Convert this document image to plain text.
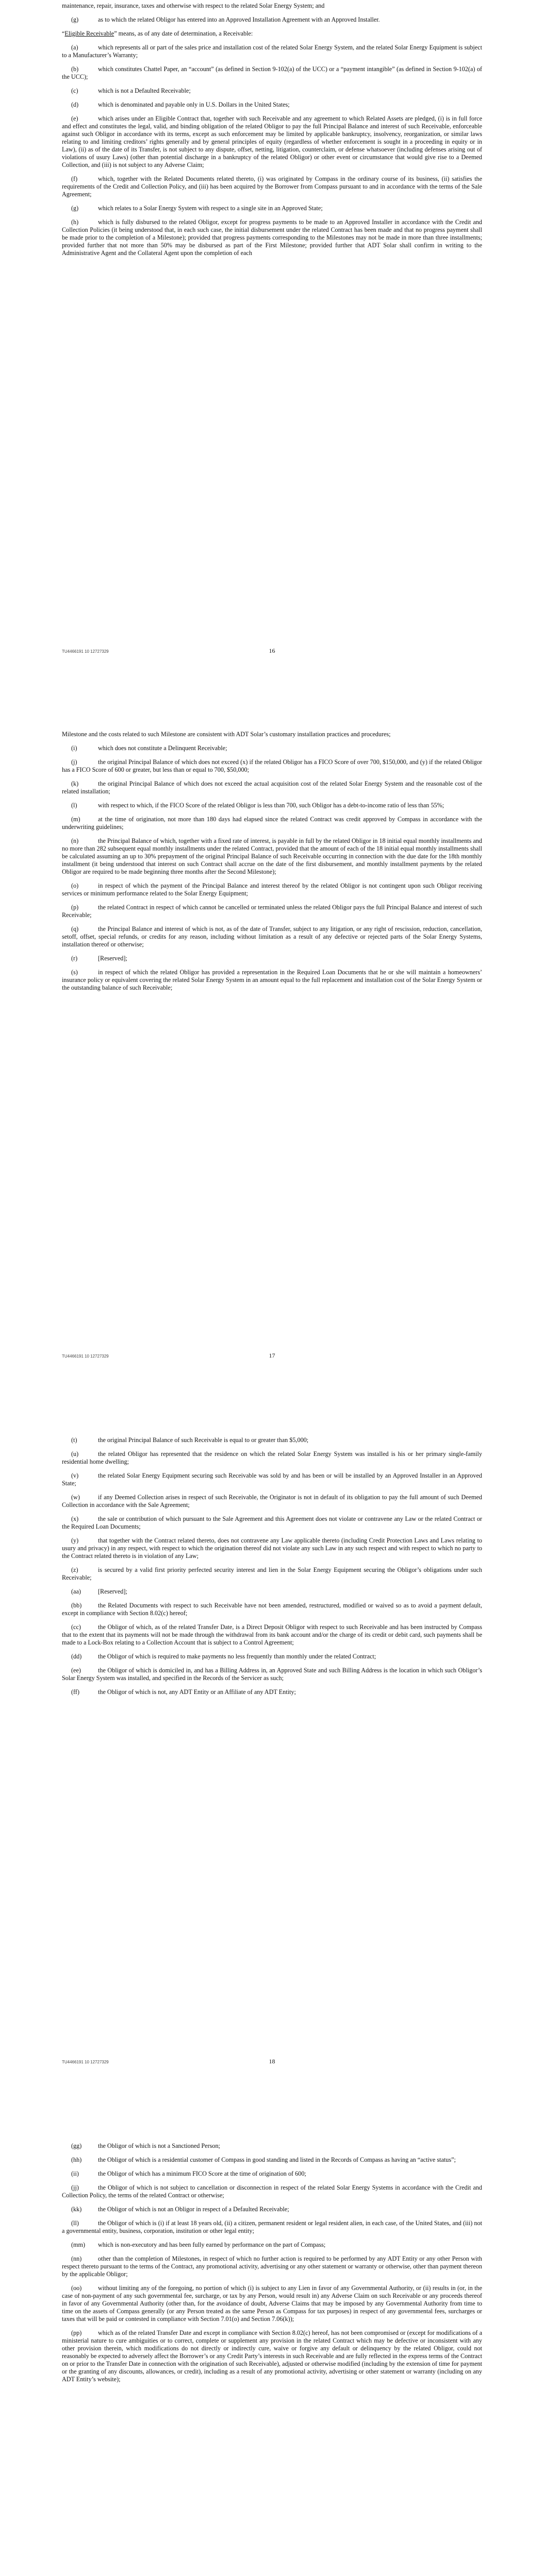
maintenance, repair, insurance, taxes and otherwise with respect to the related Solar Energy System; and

(g)	as to which the related Obligor has entered into an Approved Installation Agreement with an Approved Installer.

“Eligible Receivable” means, as of any date of determination, a Receivable:

(a)	which represents all or part of the sales price and installation cost of the related Solar Energy System, and the related Solar Energy Equipment is subject to a Manufacturer’s Warranty;

(b)	which constitutes Chattel Paper, an “account” (as defined in Section 9-102(a) of the UCC) or a “payment intangible” (as defined in Section 9-102(a) of the UCC);

(c)	which is not a Defaulted Receivable;

(d)	which is denominated and payable only in U.S. Dollars in the United States;

(e)	which arises under an Eligible Contract that, together with such Receivable and any agreement to which Related Assets are pledged, (i) is in full force and effect and constitutes the legal, valid, and binding obligation of the related Obligor to pay the full Principal Balance and interest of such Receivable, enforceable against such Obligor in accordance with its terms, except as such enforcement may be limited by applicable bankruptcy, insolvency, reorganization, or similar laws relating to and limiting creditors’ rights generally and by general principles of equity (regardless of whether enforcement is sought in a proceeding in equity or in Law), (ii) as of the date of its Transfer, is not subject to any dispute, offset, netting, litigation, counterclaim, or defense whatsoever (including defenses arising out of violations of usury Laws) (other than potential discharge in a bankruptcy of the related Obligor) or other event or circumstance that would give rise to a Deemed Collection, and (iii) is not subject to any Adverse Claim;

(f)	which, together with the Related Documents related thereto, (i) was originated by Compass in the ordinary course of its business, (ii) satisfies the requirements of the Credit and Collection Policy, and (iii) has been acquired by the Borrower from Compass pursuant to and in accordance with the terms of the Sale Agreement;

(g)	which relates to a Solar Energy System with respect to a single site in an Approved State;

(h)	which is fully disbursed to the related Obligor, except for progress payments to be made to an Approved Installer in accordance with the Credit and Collection Policies (it being understood that, in each such case, the initial disbursement under the related Contract has been made and that no progress payment shall be made prior to the completion of a Milestone); provided that progress payments corresponding to the Milestones may not be made in more than three installments; provided further that not more than 50% may be disbursed as part of the First Milestone; provided further that ADT Solar shall confirm in writing to the Administrative Agent and the Collateral Agent upon the completion of each

TU4466191 10 12727329	16

Milestone and the costs related to such Milestone are consistent with ADT Solar’s customary installation practices and procedures;

(i)	which does not constitute a Delinquent Receivable;

(j)	the original Principal Balance of which does not exceed (x) if the related Obligor has a FICO Score of over 700, $150,000, and (y) if the related Obligor has a FICO Score of 600 or greater, but less than or equal to 700, $50,000;

(k)	the original Principal Balance of which does not exceed the actual acquisition cost of the related Solar Energy System and the reasonable cost of the related installation;

(l)	with respect to which, if the FICO Score of the related Obligor is less than 700, such Obligor has a debt-to-income ratio of less than 55%;

(m)	at the time of origination, not more than 180 days had elapsed since the related Contract was credit approved by Compass in accordance with the underwriting guidelines;

(n)	the Principal Balance of which, together with a fixed rate of interest, is payable in full by the related Obligor in 18 initial equal monthly installments and no more than 282 subsequent equal monthly installments under the related Contract, provided that the amount of each of the 18 initial equal monthly installments shall be calculated assuming an up to 30% prepayment of the original Principal Balance of such Receivable occurring in connection with the due date for the 18th monthly installment (it being understood that interest on such Contract shall accrue on the date of the first disbursement, and monthly installment payments by the related Obligor are required to be made beginning three months after the Second Milestone);

(o)	in respect of which the payment of the Principal Balance and interest thereof by the related Obligor is not contingent upon such Obligor receiving services or minimum performance related to the Solar Energy Equipment;

(p)	the related Contract in respect of which cannot be cancelled or terminated unless the related Obligor pays the full Principal Balance and interest of such Receivable;

(q)	the Principal Balance and interest of which is not, as of the date of Transfer, subject to any litigation, or any right of rescission, reduction, cancellation, setoff, offset, special refunds, or credits for any reason, including without limitation as a result of any defective or rejected parts of the Solar Energy Systems, installation thereof or otherwise;

(r)	[Reserved];

(s)	in respect of which the related Obligor has provided a representation in the Required Loan Documents that he or she will maintain a homeowners’ insurance policy or equivalent covering the related Solar Energy System in an amount equal to the full replacement and installation cost of the Solar Energy System or the outstanding balance of such Receivable;

TU4466191 10 12727329	17

(t)	the original Principal Balance of such Receivable is equal to or greater than $5,000;

(u)	the related Obligor has represented that the residence on which the related Solar Energy System was installed is his or her primary single-family residential home dwelling;

(v)	the related Solar Energy Equipment securing such Receivable was sold by and has been or will be installed by an Approved Installer in an Approved State;

(w)	if any Deemed Collection arises in respect of such Receivable, the Originator is not in default of its obligation to pay the full amount of such Deemed Collection in accordance with the Sale Agreement;

(x)	the sale or contribution of which pursuant to the Sale Agreement and this Agreement does not violate or contravene any Law or the related Contract or the Required Loan Documents;

(y)	that together with the Contract related thereto, does not contravene any Law applicable thereto (including Credit Protection Laws and Laws relating to usury and privacy) in any respect, with respect to which the origination thereof did not violate any such Law in any such respect and with respect to which no party to the Contract related thereto is in violation of any Law;

(z)	is secured by a valid first priority perfected security interest and lien in the Solar Energy Equipment securing the Obligor’s obligations under such Receivable;

(aa)	[Reserved];

(bb)	the Related Documents with respect to such Receivable have not been amended, restructured, modified or waived so as to avoid a payment default, except in compliance with Section 8.02(c) hereof;

(cc)	the Obligor of which, as of the related Transfer Date, is a Direct Deposit Obligor with respect to such Receivable and has been instructed by Compass that to the extent that its payments will not be made through the withdrawal from its bank account and/or the charge of its credit or debit card, such payments shall be made to a Lock-Box relating to a Collection Account that is subject to a Control Agreement;

(dd)	the Obligor of which is required to make payments no less frequently than monthly under the related Contract;

(ee)	the Obligor of which is domiciled in, and has a Billing Address in, an Approved State and such Billing Address is the location in which such Obligor’s Solar Energy System was installed, and specified in the Records of the Servicer as such;

(ff)	the Obligor of which is not, any ADT Entity or an Affiliate of any ADT Entity;

TU4466191 10 12727329	18

(gg)	the Obligor of which is not a Sanctioned Person;

(hh)	the Obligor of which is a residential customer of Compass in good standing and listed in the Records of Compass as having an “active status”;

(ii)	the Obligor of which has a minimum FICO Score at the time of origination of 600;

(jj)	the Obligor of which is not subject to cancellation or disconnection in respect of the related Solar Energy Systems in accordance with the Credit and Collection Policy, the terms of the related Contract or otherwise;

(kk)	the Obligor of which is not an Obligor in respect of a Defaulted Receivable;

(ll)	the Obligor of which is (i) if at least 18 years old, (ii) a citizen, permanent resident or legal resident alien, in each case, of the United States, and (iii) not a governmental entity, business, corporation, institution or other legal entity;

(mm) which is non-executory and has been fully earned by performance on the part of Compass;

(nn)	other than the completion of Milestones, in respect of which no further action is required to be performed by any ADT Entity or any other Person with respect thereto pursuant to the terms of the Contract, any promotional activity, advertising or any other statement or warranty or otherwise, other than payment thereon by the applicable Obligor;

(oo)	without limiting any of the foregoing, no portion of which (i) is subject to any Lien in favor of any Governmental Authority, or (ii) results in (or, in the case of non-payment of any such governmental fee, surcharge, or tax by any Person, would result in) any Adverse Claim on such Receivable or any proceeds thereof in favor of any Governmental Authority (other than, for the avoidance of doubt, Adverse Claims that may be imposed by any Governmental Authority from time to time on the assets of Compass generally (or any Person treated as the same Person as Compass for tax purposes) in respect of any governmental fees, surcharges or taxes that will be paid or contested in compliance with Section 7.01(o) and Section 7.06(k));

(pp)	which as of the related Transfer Date and except in compliance with Section 8.02(c) hereof, has not been compromised or (except for modifications of a ministerial nature to cure ambiguities or to correct, complete or supplement any provision in the related Contract which may be defective or inconsistent with any other provision therein, which modifications do not directly or indirectly cure, waive or forgive any default or delinquency by the related Obligor, could not reasonably be expected to adversely affect the Borrower’s or any Credit Party’s interests in such Receivable and are fully reflected in the express terms of the Contract on or prior to the Transfer Date in connection with the origination of such Receivable), adjusted or otherwise modified (including by the extension of time for payment or the granting of any discounts, allowances, or credit), including as a result of any promotional activity, advertising or other statement or warranty (including on any ADT Entity’s website);
